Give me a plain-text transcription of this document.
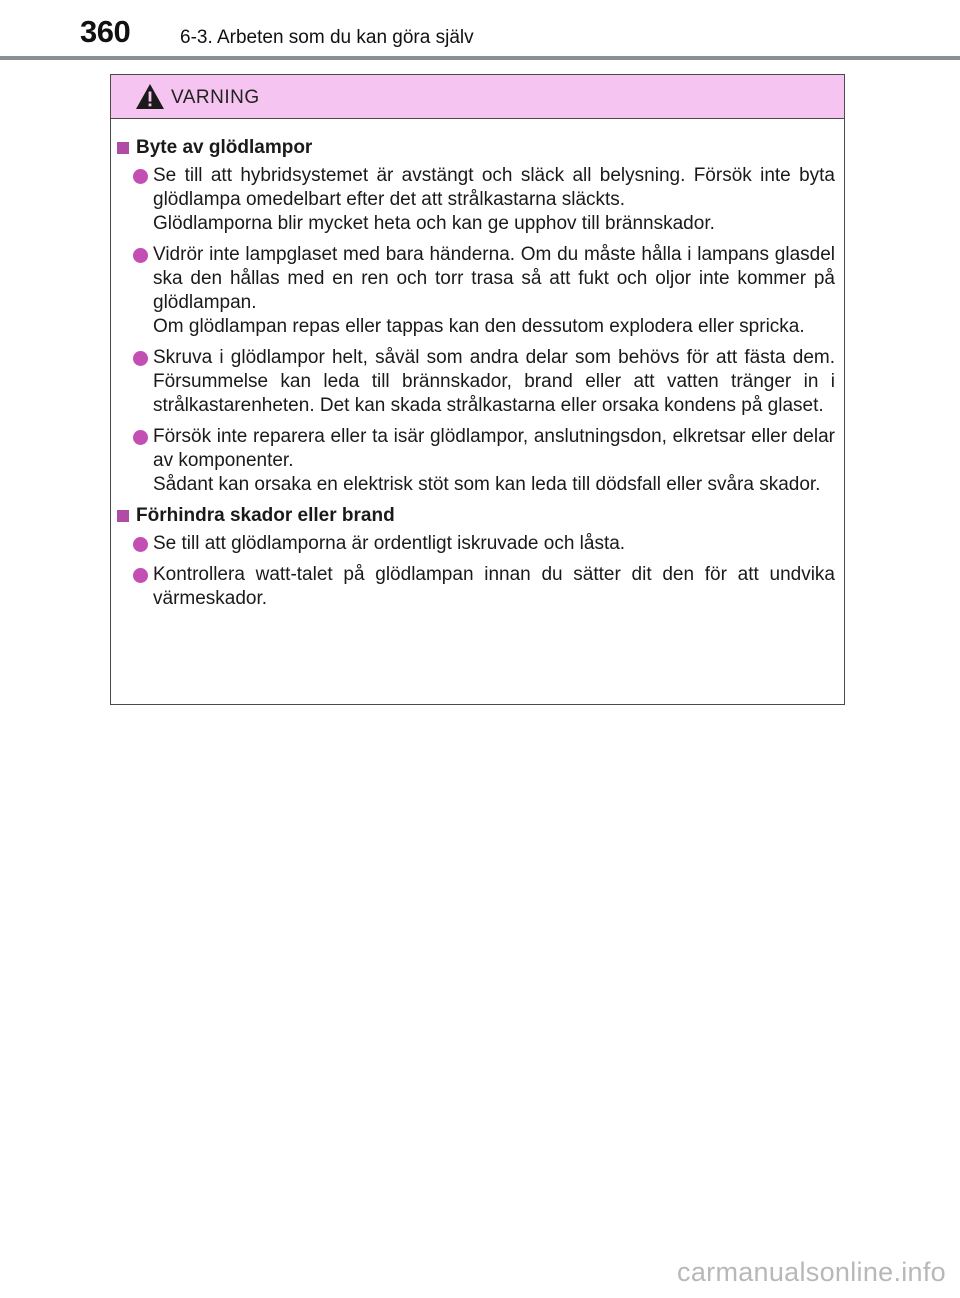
360	6-3. Arbeten som du kan göra själv
VARNING
Byte av glödlampor

Se till att hybridsystemet är avstängt och släck all belysning. Försök inte byta glödlampa omedelbart efter det att strålkastarna släckts.

Glödlamporna blir mycket heta och kan ge upphov till brännskador.

Vidrör inte lampglaset med bara händerna. Om du måste hålla i lampans glasdel ska den hållas med en ren och torr trasa så att fukt och oljor inte kommer på glödlampan.

Om glödlampan repas eller tappas kan den dessutom explodera eller spricka.

Skruva i glödlampor helt, såväl som andra delar som behövs för att fästa dem. Försummelse kan leda till brännskador, brand eller att vatten tränger in i strålkastarenheten. Det kan skada strålkastarna eller orsaka kondens på glaset.

Försök inte reparera eller ta isär glödlampor, anslutningsdon, elkretsar eller delar av komponenter.

Sådant kan orsaka en elektrisk stöt som kan leda till dödsfall eller svåra skador.

Förhindra skador eller brand

Se till att glödlamporna är ordentligt iskruvade och låsta.

Kontrollera watt-talet på glödlampan innan du sätter dit den för att undvika värmeskador.

carmanualsonline.info
